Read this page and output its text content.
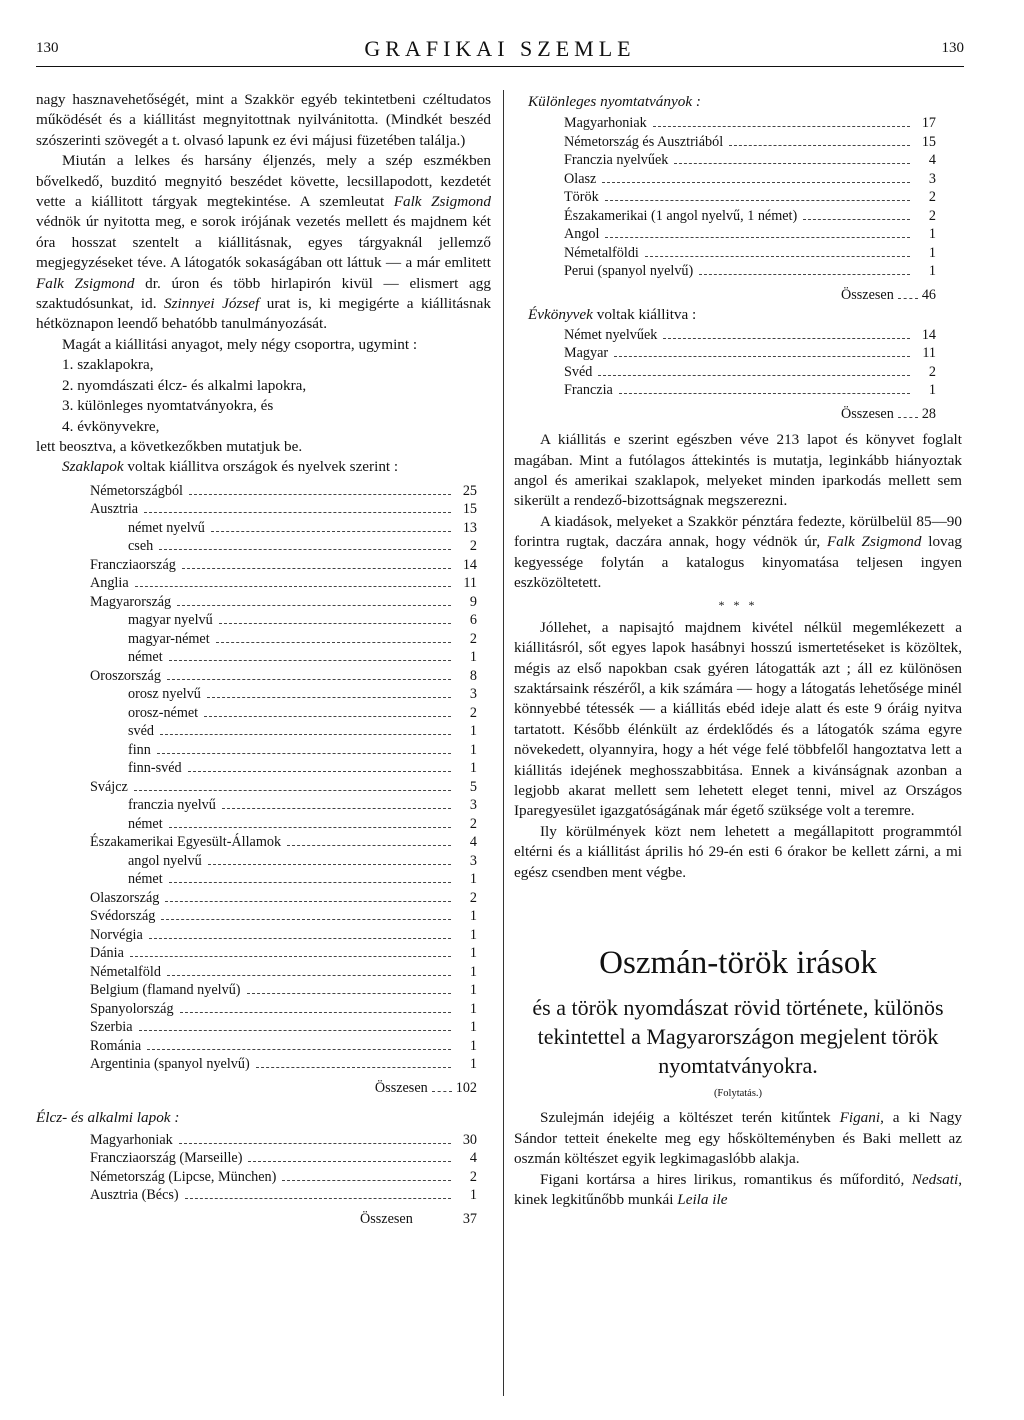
130	GRAFIKAI SZEMLE	130

nagy hasznavehetőségét, mint a Szakkör egyéb tekintetbeni czéltudatos működését és a kiállitást megnyitottnak nyilvánitotta. (Mindkét beszéd szószerinti szövegét a t. olvasó lapunk ez évi májusi füzetében találja.)

Miután a lelkes és harsány éljenzés, mely a szép eszmékben bővelkedő, buzditó megnyitó beszédet követte, lecsillapodott, kezdetét vette a kiállitott tárgyak megtekintése. A szemleutat Falk Zsigmond védnök úr nyitotta meg, e sorok irójának vezetés mellett és majdnem két óra hosszat szentelt a kiállitásnak, egyes tárgyaknál jellemző megjegyzéseket téve. A látogatók sokaságában ott láttuk — a már emlitett Falk Zsigmond dr. úron és több hirlapirón kivül — elismert agg szaktudósunkat, id. Szinnyei József urat is, ki megigérte a kiállitásnak hétköznapon leendő behatóbb tanulmányozását.

Magát a kiállitási anyagot, mely négy csoportra, ugymint :

1. szaklapokra,
2. nyomdászati élcz- és alkalmi lapokra,
3. különleges nyomtatványokra, és
4. évkönyvekre,

lett beosztva, a következőkben mutatjuk be.

Szaklapok voltak kiállitva országok és nyelvek szerint :

Németországból	25
Ausztria	15
német nyelvű	13
cseh	2
Francziaország	14
Anglia	11
Magyarország	9
magyar nyelvű	6
magyar-német	2
német	1
Oroszország	8
orosz nyelvű	3
orosz-német	2
svéd	1
finn	1
finn-svéd	1
Svájcz	5
franczia nyelvű	3
német	2
Északamerikai Egyesült-Államok	4
angol nyelvű	3
német	1
Olaszország	2
Svédország	1
Norvégia	1
Dánia	1
Németalföld	1
Belgium (flamand nyelvű)	1
Spanyolország	1
Szerbia	1
Románia	1
Argentinia (spanyol nyelvű)	1
Összesen 102
Élcz- és alkalmi lapok :
Magyarhoniak	30
Francziaország (Marseille)	4
Németország (Lipcse, München)	2
Ausztria (Bécs)	1
Összesen	37
Különleges nyomtatványok :
Magyarhoniak	17
Németország és Ausztriából	15
Franczia nyelvűek	4
Olasz	3
Török	2
Északamerikai (1 angol nyelvű, 1 német)	2
Angol	1
Németalföldi	1
Perui (spanyol nyelvű)	1
Összesen 46
Évkönyvek voltak kiállitva :
Német nyelvűek	14
Magyar	11
Svéd	2
Franczia	1
Összesen 28

A kiállitás e szerint egészben véve 213 lapot és könyvet foglalt magában. Mint a futólagos áttekintés is mutatja, leginkább hiányoztak angol és amerikai szaklapok, melyeket minden iparkodás mellett sem sikerült a rendező-bizottságnak megszerezni.

A kiadások, melyeket a Szakkör pénztára fedezte, körülbelül 85—90 forintra rugtak, daczára annak, hogy védnök úr, Falk Zsigmond lovag kegyessége folytán a katalogus kinyomatása teljesen ingyen eszközöltetett.

* * *

Jóllehet, a napisajtó majdnem kivétel nélkül megemlékezett a kiállitásról, sőt egyes lapok hasábnyi hosszú ismertetéseket is közöltek, mégis az első napokban csak gyéren látogatták azt ; áll ez különösen szaktársaink részéről, a kik számára — hogy a látogatás lehetősége minél könnyebbé tétessék — a kiállitás ebéd ideje alatt és este 9 óráig nyitva tartatott. Később élénkült az érdeklődés és a látogatók száma egyre növekedett, olyannyira, hogy a hét vége felé többfelől hangoztatva lett a kiállitás idejének meghosszabbitása. Ennek a kivánságnak azonban a legjobb akarat mellett sem lehetett eleget tenni, mivel az Országos Iparegyesület igazgatóságának már égető szüksége volt a teremre.

Ily körülmények közt nem lehetett a megállapitott programmtól eltérni és a kiállitást április hó 29-én esti 6 órakor be kellett zárni, a mi egész csendben ment végbe.

Oszmán-török irások
és a török nyomdászat rövid története, különös tekintettel a Magyarországon megjelent török nyomtatványokra.
(Folytatás.)

Szulejmán idejéig a költészet terén kitűntek Figani, a ki Nagy Sándor tetteit énekelte meg egy hőskölteményben és Baki mellett az oszmán költészet egyik legkimagaslóbb alakja.

Figani kortársa a hires lirikus, romantikus és műforditó, Nedsati, kinek legkitűnőbb munkái Leila ile
